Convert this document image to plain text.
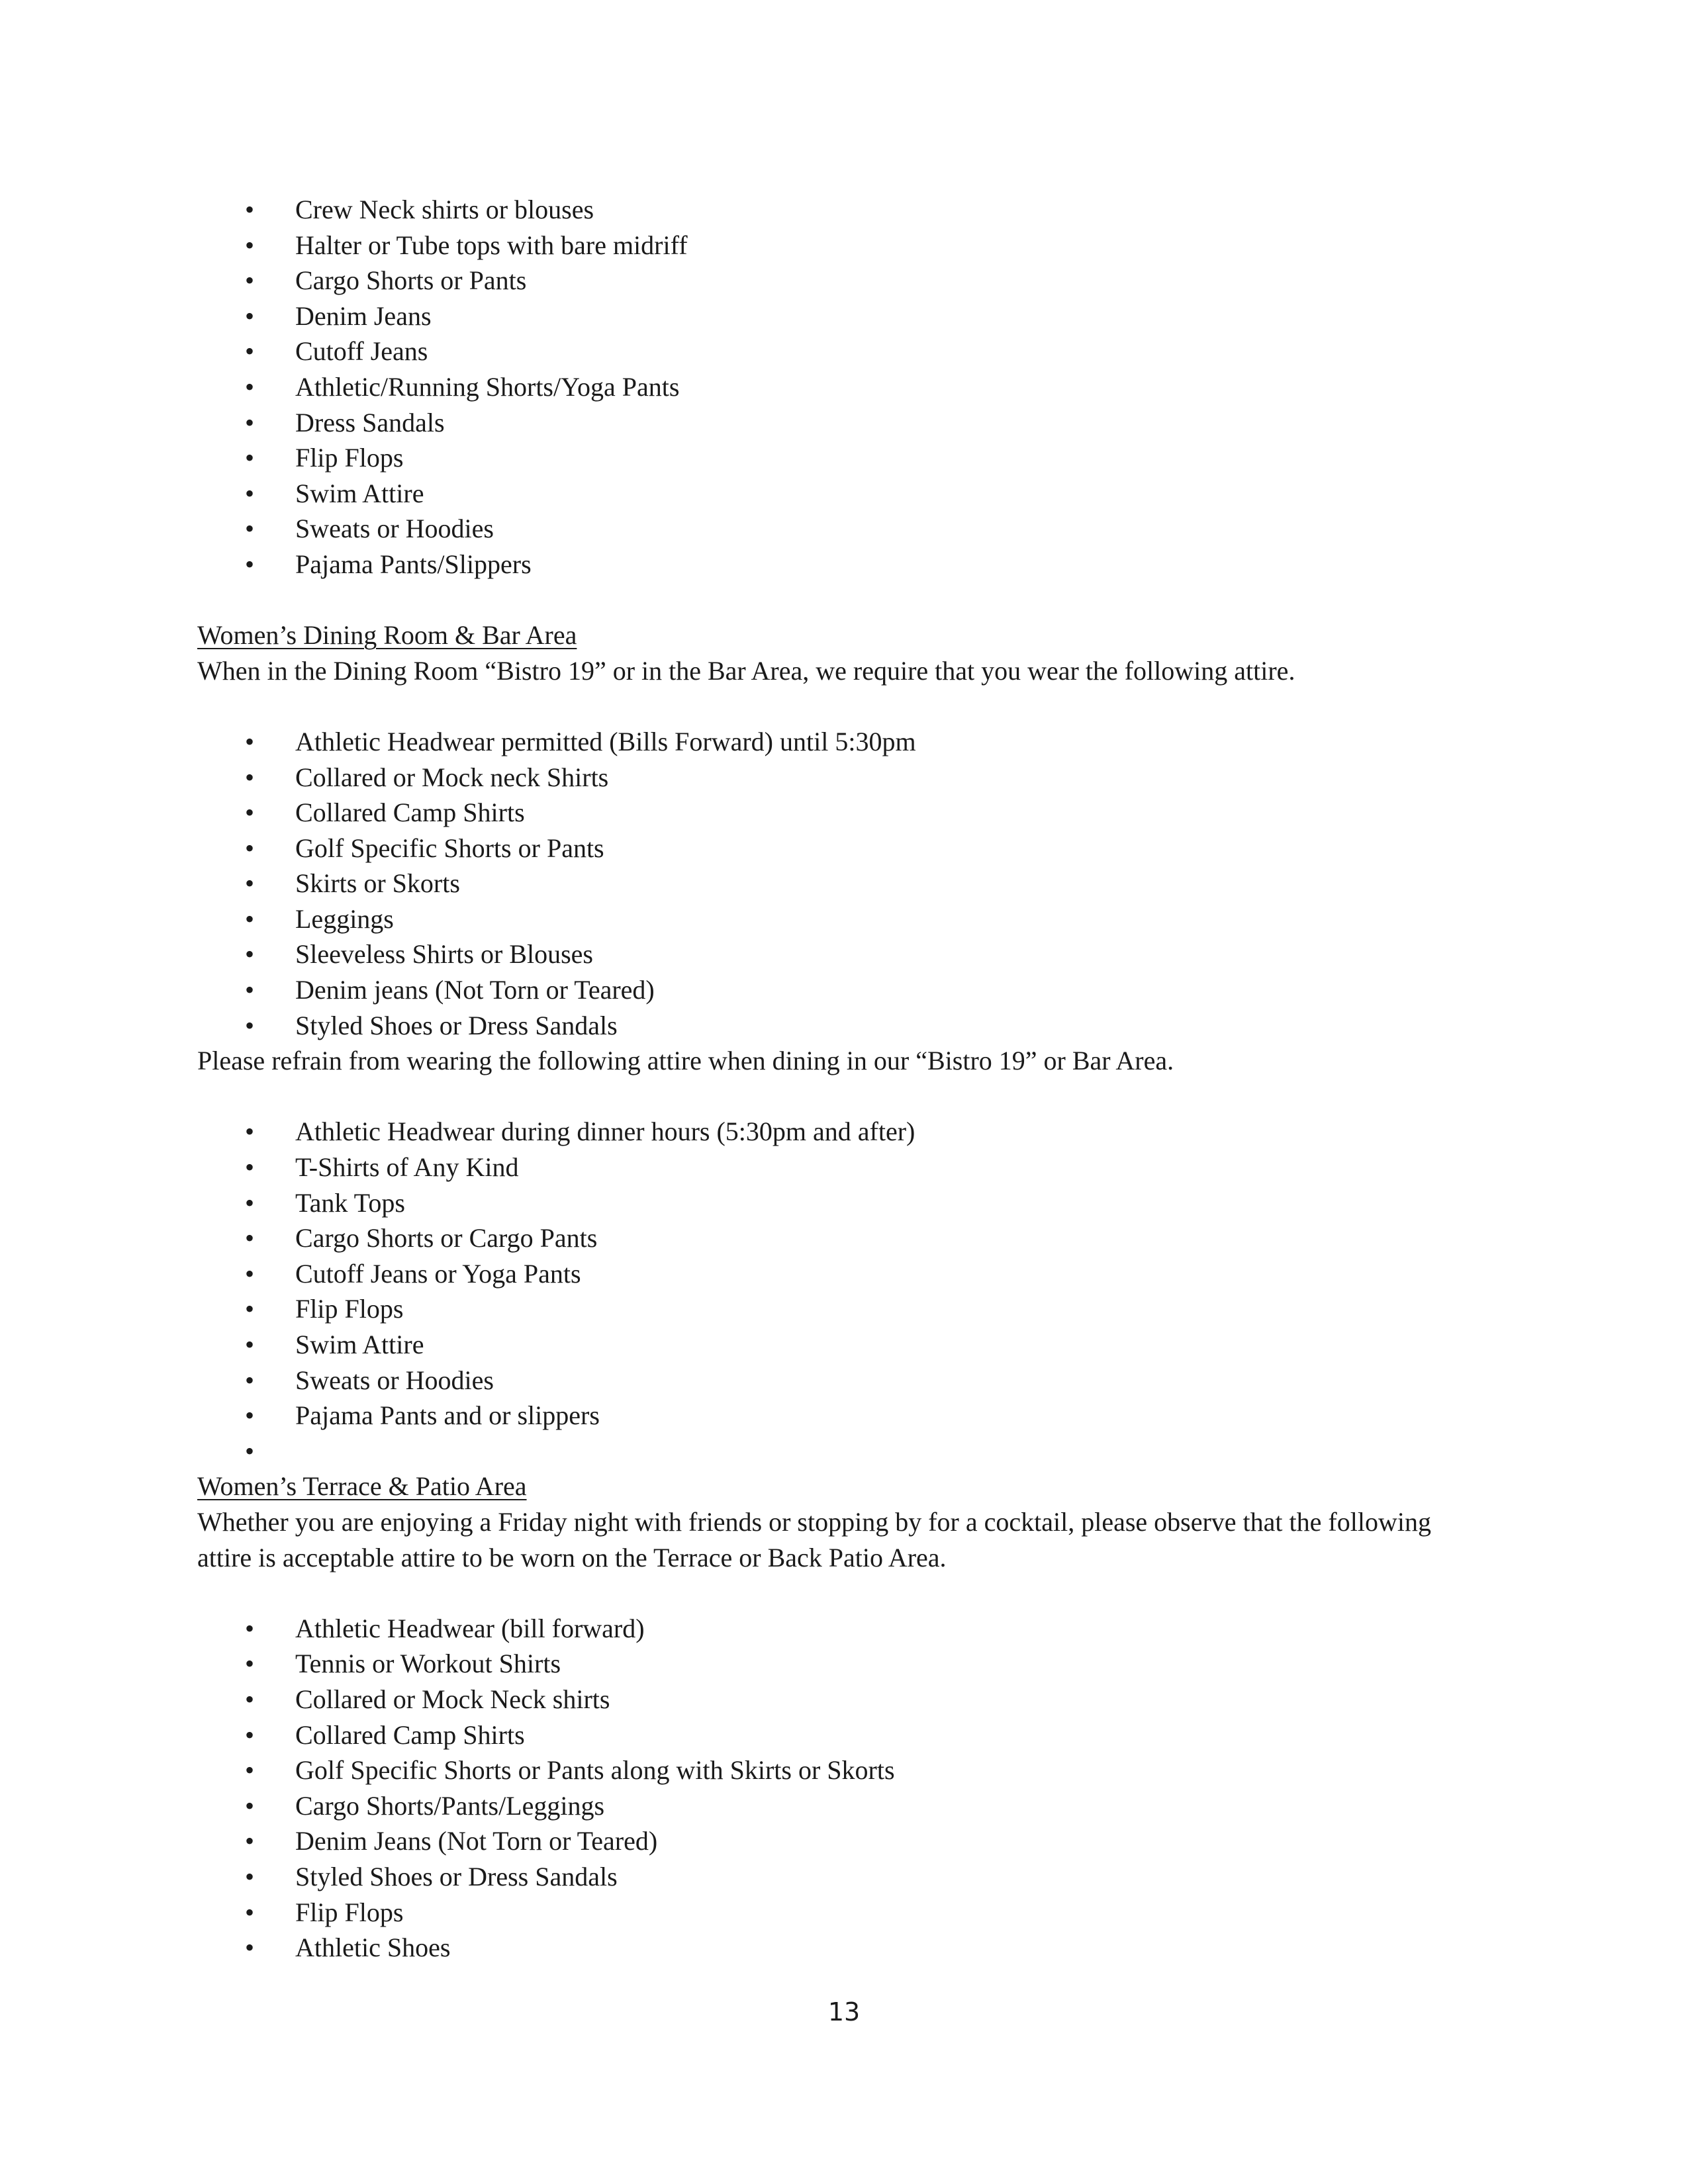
• Crew Neck shirts or blouses
• Halter or Tube tops with bare midriff
• Cargo Shorts or Pants
• Denim Jeans
• Cutoff Jeans
• Athletic/Running Shorts/Yoga Pants
• Dress Sandals
• Flip Flops
• Swim Attire
• Sweats or Hoodies
• Pajama Pants/Slippers
Women’s Dining Room & Bar Area

When in the Dining Room “Bistro 19” or in the Bar Area, we require that you wear the following attire.

• Athletic Headwear permitted (Bills Forward) until 5:30pm
• Collared or Mock neck Shirts
• Collared Camp Shirts
• Golf Specific Shorts or Pants
• Skirts or Skorts
• Leggings
• Sleeveless Shirts or Blouses
• Denim jeans (Not Torn or Teared)
• Styled Shoes or Dress Sandals

Please refrain from wearing the following attire when dining in our “Bistro 19” or Bar Area.

• Athletic Headwear during dinner hours (5:30pm and after)
• T-Shirts of Any Kind
• Tank Tops
• Cargo Shorts or Cargo Pants
• Cutoff Jeans or Yoga Pants
• Flip Flops
• Swim Attire
• Sweats or Hoodies
• Pajama Pants and or slippers
•
Women’s Terrace & Patio Area

Whether you are enjoying a Friday night with friends or stopping by for a cocktail, please observe that the following

attire is acceptable attire to be worn on the Terrace or Back Patio Area.

• Athletic Headwear (bill forward)
• Tennis or Workout Shirts
• Collared or Mock Neck shirts
• Collared Camp Shirts
• Golf Specific Shorts or Pants along with Skirts or Skorts
• Cargo Shorts/Pants/Leggings
• Denim Jeans (Not Torn or Teared)
• Styled Shoes or Dress Sandals
• Flip Flops
• Athletic Shoes
13
